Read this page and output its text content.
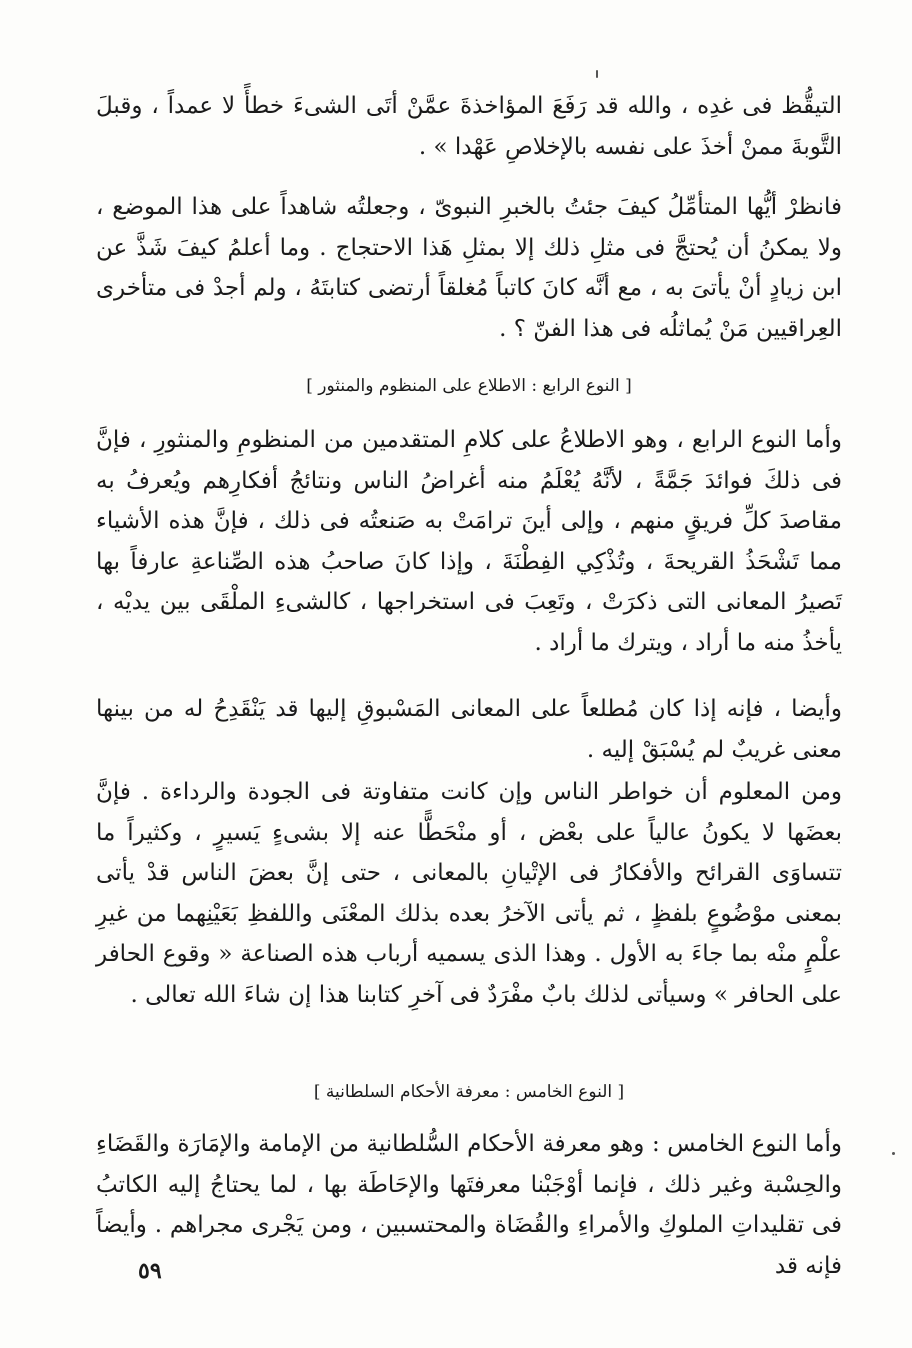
التيقُّظ فى غدِه ، والله قد رَفَعَ المؤاخذةَ عمَّنْ أتَى الشىءَ خطأً لا عمداً ، وقبلَ التَّوبةَ ممنْ أخذَ على نفسه بالإخلاصِ عَهْدا » .

فانظرْ أيُّها المتأمِّلُ كيفَ جئتُ بالخبرِ النبوىّ ، وجعلتُه شاهداً على هذا الموضع ، ولا يمكنُ أن يُحتجَّ فى مثلِ ذلك إلا بمثلِ هَذا الاحتجاج . وما أعلمُ كيفَ شَذَّ عن ابن زيادٍ أنْ يأتىَ به ، مع أنَّه كانَ كاتباً مُغلقاً أرتضى كتابتَهُ ، ولم أجدْ فى متأخرى العِراقيين مَنْ يُماثلُه فى هذا الفنّ ؟ .

[ النوع الرابع : الاطلاع على المنظوم والمنثور ]

وأما النوع الرابع ، وهو الاطلاعُ على كلامِ المتقدمين من المنظومِ والمنثورِ ، فإنَّ فى ذلكَ فوائدَ جَمَّةً ، لأنَّهُ يُعْلَمُ منه أغراضُ الناس ونتائجُ أفكارِهم ويُعرفُ به مقاصدَ كلِّ فريقٍ منهم ، وإلى أينَ ترامَتْ به صَنعتُه فى ذلك ، فإنَّ هذه الأشياء مما تَشْحَذُ القريحةَ ، وتُذْكِي الفِطْنَةَ ، وإذا كانَ صاحبُ هذه الصِّناعةِ عارفاً بها تَصيرُ المعانى التى ذكرَتْ ، وتَعِبَ فى استخراجها ، كالشىءِ الملْقَى بين يديْه ، يأخذُ منه ما أراد ، ويترك ما أراد .

وأيضا ، فإنه إذا كان مُطلعاً على المعانى المَسْبوقِ إليها قد يَنْقَدِحُ له من بينها معنى غريبٌ لم يُسْبَقْ إليه .

ومن المعلوم أن خواطر الناس وإن كانت متفاوتة فى الجودة والرداءة . فإنَّ بعضَها لا يكونُ عالياً على بعْض ، أو منْحَطًّا عنه إلا بشىءٍ يَسيرٍ ، وكثيراً ما تتساوَى القرائح والأفكارُ فى الإتْيانِ بالمعانى ، حتى إنَّ بعضَ الناس قدْ يأتى بمعنى موْضُوعٍ بلفظٍ ، ثم يأتى الآخرُ بعده بذلك المعْنَى واللفظِ بَعَيْنِهما من غيرِ علْمٍ منْه بما جاءَ به الأول . وهذا الذى يسميه أرباب هذه الصناعة « وقوع الحافر على الحافر » وسيأتى لذلك بابٌ مفْرَدٌ فى آخرِ كتابنا هذا إن شاءَ الله تعالى .

[ النوع الخامس : معرفة الأحكام السلطانية ]

وأما النوع الخامس : وهو معرفة الأحكام السُّلطانية من الإمامة والإمَارَة والقَضَاءِ والحِسْبة وغير ذلك ، فإنما أوْجَبْنا معرفتَها والإحَاطَة بها ، لما يحتاجُ إليه الكاتبُ فى تقليداتِ الملوكِ والأمراءِ والقُضَاة والمحتسبين ، ومن يَجْرى مجراهم . وأيضاً فإنه قد

٥٩
